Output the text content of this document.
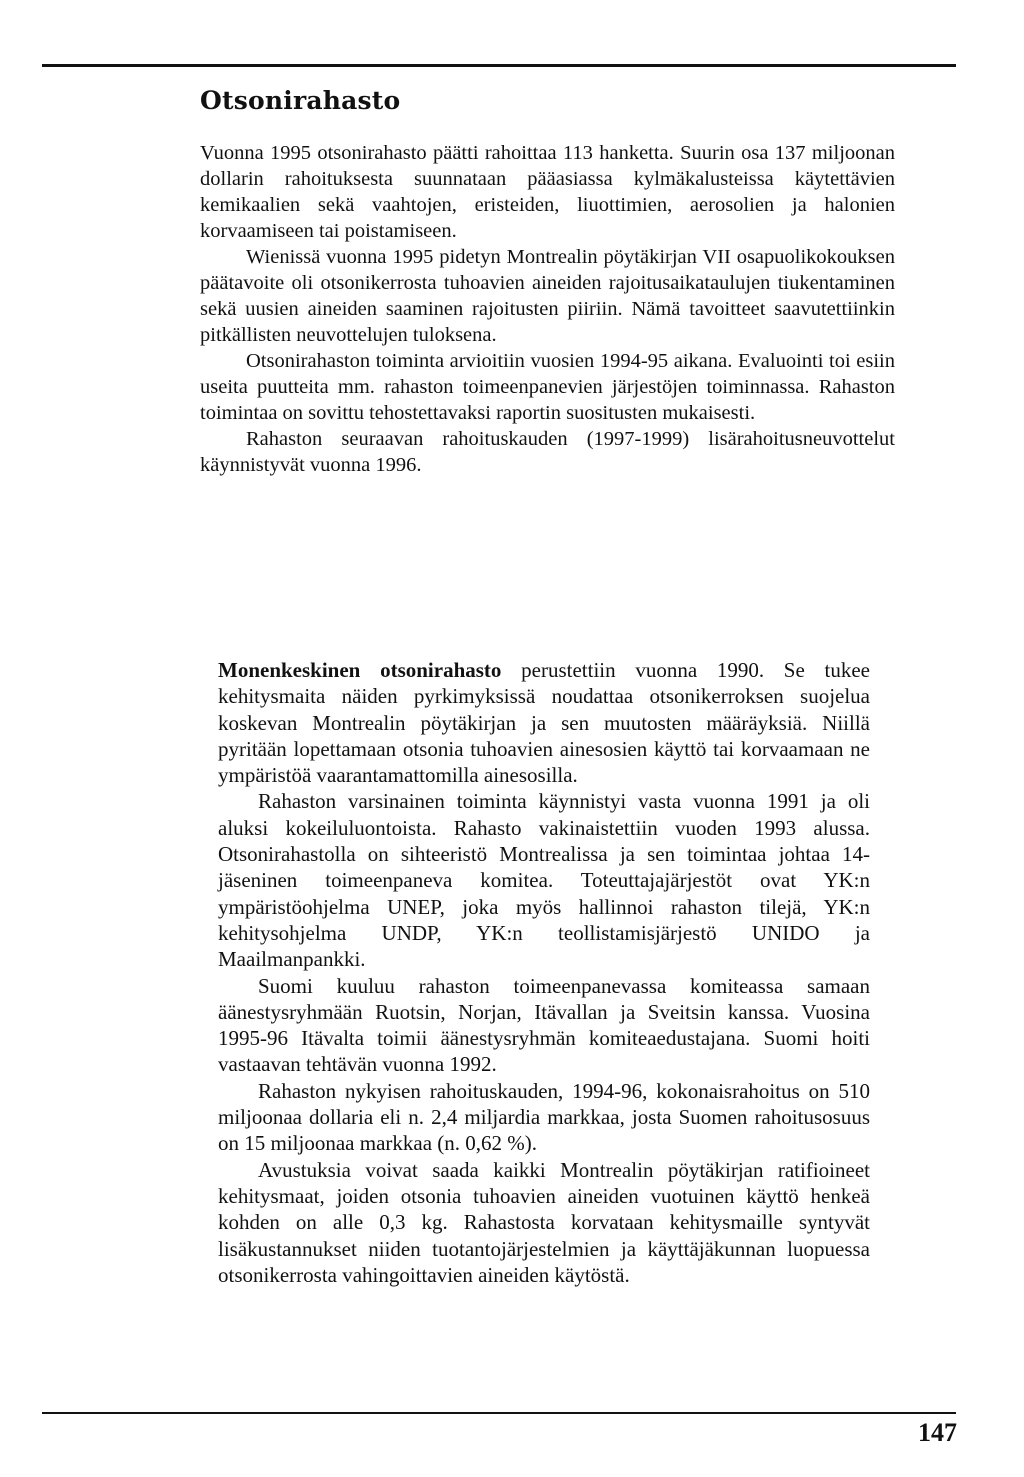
Otsonirahasto

Vuonna 1995 otsonirahasto päätti rahoittaa 113 hanketta. Suurin osa 137 miljoonan dollarin rahoituksesta suunnataan pääasiassa kylmäkalusteissa käytettävien kemikaalien sekä vaahtojen, eristeiden, liuottimien, aerosolien ja halonien korvaamiseen tai poistamiseen.

Wienissä vuonna 1995 pidetyn Montrealin pöytäkirjan VII osapuolikokouksen päätavoite oli otsonikerrosta tuhoavien aineiden rajoitusaikataulujen tiukentaminen sekä uusien aineiden saaminen rajoitusten piiriin. Nämä tavoitteet saavutettiinkin pitkällisten neuvottelujen tuloksena.

Otsonirahaston toiminta arvioitiin vuosien 1994-95 aikana. Evaluointi toi esiin useita puutteita mm. rahaston toimeenpanevien järjestöjen toiminnassa. Rahaston toimintaa on sovittu tehostettavaksi raportin suositusten mukaisesti.

Rahaston seuraavan rahoituskauden (1997-1999) lisärahoitusneuvottelut käynnistyvät vuonna 1996.

Monenkeskinen otsonirahasto perustettiin vuonna 1990. Se tukee kehitysmaita näiden pyrkimyksissä noudattaa otsonikerroksen suojelua koskevan Montrealin pöytäkirjan ja sen muutosten määräyksiä. Niillä pyritään lopettamaan otsonia tuhoavien ainesosien käyttö tai korvaamaan ne ympäristöä vaarantamattomilla ainesosilla.

Rahaston varsinainen toiminta käynnistyi vasta vuonna 1991 ja oli aluksi kokeiluluontoista. Rahasto vakinaistettiin vuoden 1993 alussa. Otsonirahastolla on sihteeristö Montrealissa ja sen toimintaa johtaa 14-jäseninen toimeenpaneva komitea. Toteuttajajärjestöt ovat YK:n ympäristöohjelma UNEP, joka myös hallinnoi rahaston tilejä, YK:n kehitysohjelma UNDP, YK:n teollistamisjärjestö UNIDO ja Maailmanpankki.

Suomi kuuluu rahaston toimeenpanevassa komiteassa samaan äänestysryhmään Ruotsin, Norjan, Itävallan ja Sveitsin kanssa. Vuosina 1995-96 Itävalta toimii äänestysryhmän komiteaedustajana. Suomi hoiti vastaavan tehtävän vuonna 1992.

Rahaston nykyisen rahoituskauden, 1994-96, kokonaisrahoitus on 510 miljoonaa dollaria eli n. 2,4 miljardia markkaa, josta Suomen rahoitusosuus on 15 miljoonaa markkaa (n. 0,62 %).

Avustuksia voivat saada kaikki Montrealin pöytäkirjan ratifioineet kehitysmaat, joiden otsonia tuhoavien aineiden vuotuinen käyttö henkeä kohden on alle 0,3 kg. Rahastosta korvataan kehitysmaille syntyvät lisäkustannukset niiden tuotantojärjestelmien ja käyttäjäkunnan luopuessa otsonikerrosta vahingoittavien aineiden käytöstä.

147
